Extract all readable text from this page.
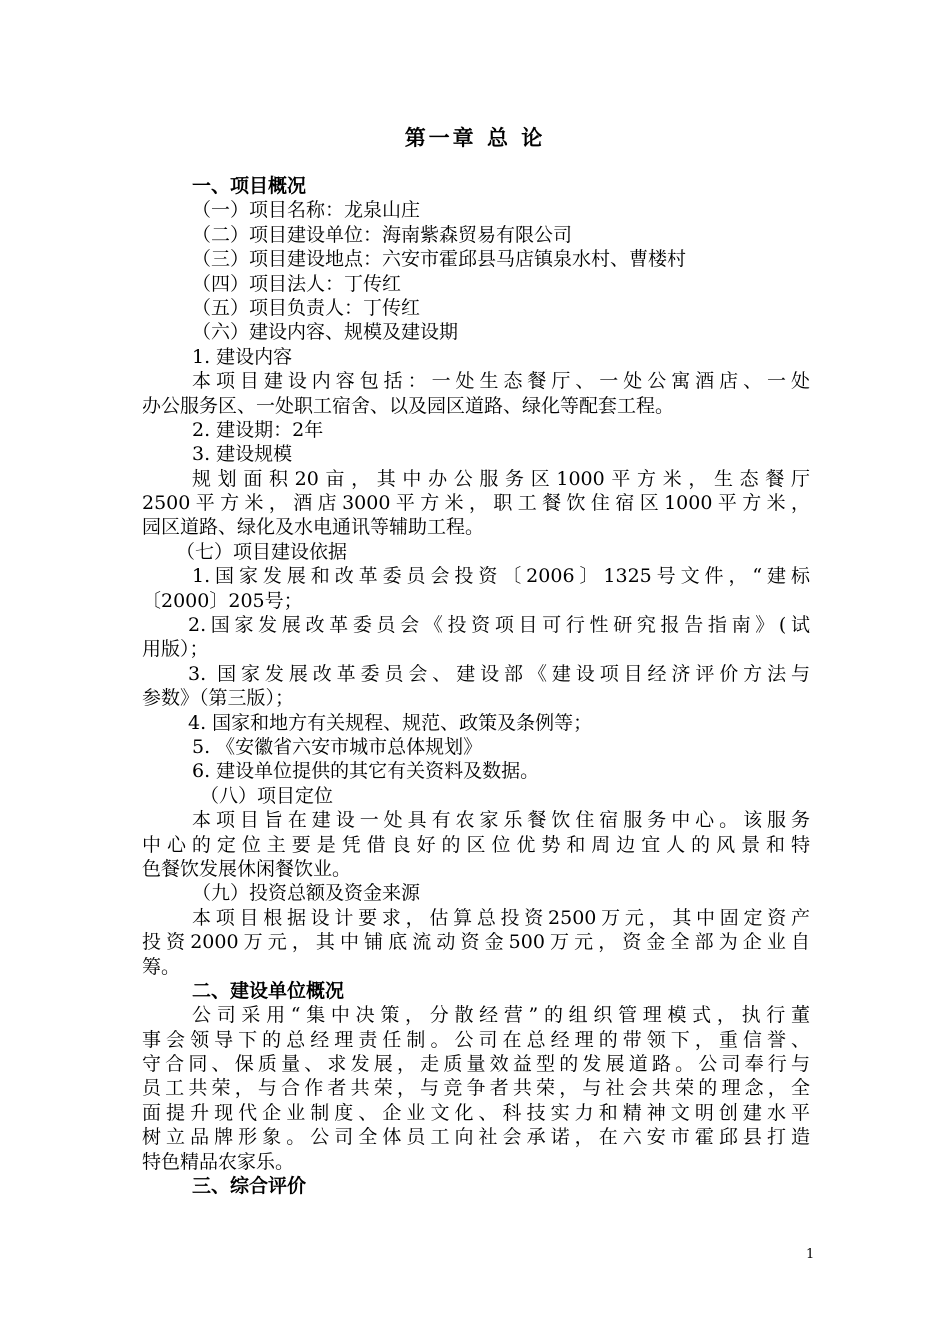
第一章 总 论
一、项目概况
（一）项目名称：龙泉山庄
（二）项目建设单位：海南紫森贸易有限公司
（三）项目建设地点：六安市霍邱县马店镇泉水村、曹楼村
（四）项目法人：丁传红
（五）项目负责人：丁传红
（六）建设内容、规模及建设期
1. 建设内容
本项目建设内容包括：一处生态餐厅、一处公寓酒店、一处
办公服务区、一处职工宿舍、以及园区道路、绿化等配套工程。
2. 建设期：2年
3. 建设规模
规划面积20亩，其中办公服务区1000平方米，生态餐厅
2500平方米，酒店3000平方米，职工餐饮住宿区1000平方米，
园区道路、绿化及水电通讯等辅助工程。
（七）项目建设依据
1.国家发展和改革委员会投资〔2006〕1325号文件，“建标
〔2000〕205号；
2.国家发展改革委员会《投资项目可行性研究报告指南》(试
用版）；
3. 国家发展改革委员会、建设部《建设项目经济评价方法与
参数》（第三版）；
4. 国家和地方有关规程、规范、政策及条例等；
5. 《安徽省六安市城市总体规划》
6. 建设单位提供的其它有关资料及数据。
（八）项目定位
本项目旨在建设一处具有农家乐餐饮住宿服务中心。该服务
中心的定位主要是凭借良好的区位优势和周边宜人的风景和特
色餐饮发展休闲餐饮业。
（九）投资总额及资金来源
本项目根据设计要求，估算总投资2500万元，其中固定资产
投资2000万元，其中铺底流动资金500万元，资金全部为企业自
筹。
二、建设单位概况
公司采用“集中决策，分散经营”的组织管理模式，执行董
事会领导下的总经理责任制。公司在总经理的带领下，重信誉、
守合同、保质量、求发展，走质量效益型的发展道路。公司奉行与
员工共荣，与合作者共荣，与竞争者共荣，与社会共荣的理念，全
面提升现代企业制度、企业文化、科技实力和精神文明创建水平
树立品牌形象。公司全体员工向社会承诺，在六安市霍邱县打造
特色精品农家乐。
三、综合评价
1
